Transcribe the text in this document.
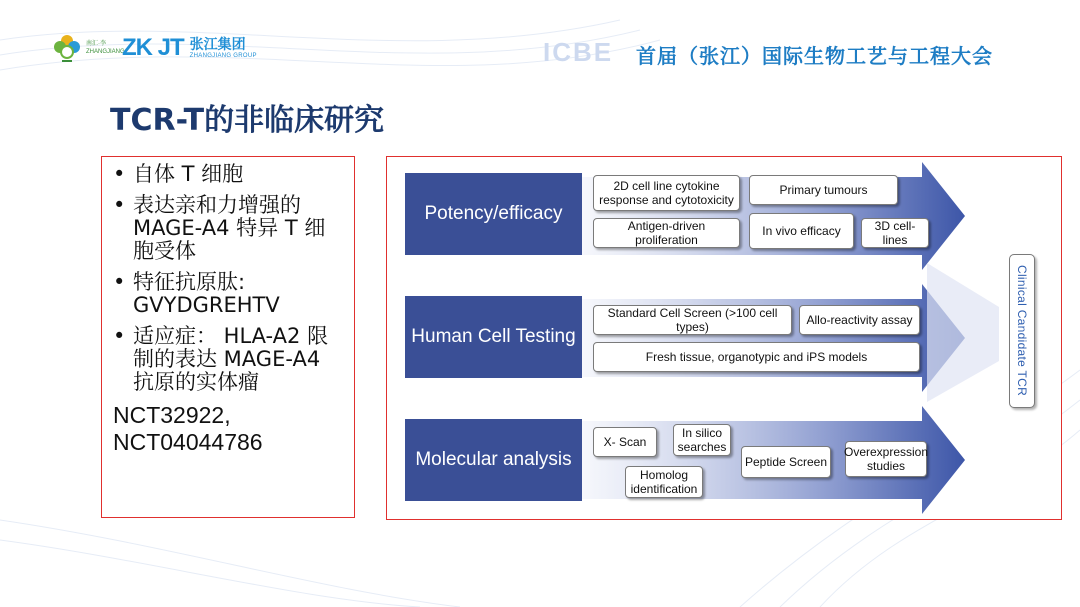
南汇·李 ZHANGJIANG
ZK JT 张江集团
ZHANGJIANG GROUP	ICBE	首届（张江）国际生物工艺与工程大会
TCR-T的非临床研究
• 自体 T 细胞
• 表达亲和力增强的 MAGE-A4 特异 T 细胞受体
• 特征抗原肽: GVYDGREHTV
• 适应症： HLA-A2 限制的表达 MAGE-A4 抗原的实体瘤
NCT32922,
NCT04044786
Potency/efficacy
Human Cell Testing
Molecular analysis
2D cell line cytokine response and cytotoxicity
Primary tumours
Antigen-driven proliferation
In vivo efficacy	3D cell-lines
Standard Cell Screen (>100 cell types)	Allo-reactivity assay
Fresh tissue, organotypic and iPS models
X- Scan
In silico searches
Homolog identification
Peptide Screen
Overexpression studies
Clinical Candidate TCR
